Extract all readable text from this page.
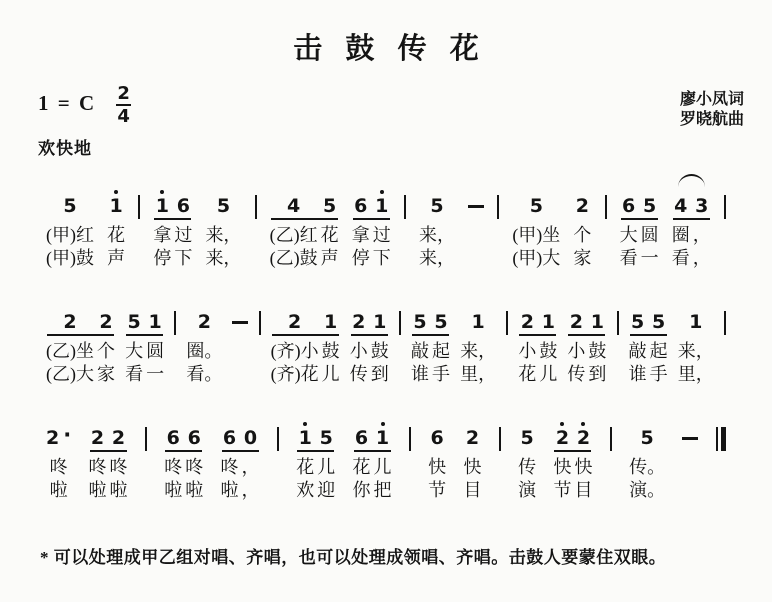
击鼓传花
1 = C $\frac{2}{4}$
欢快地
廖小凤词
罗晓航曲
5
(甲)红
(甲)鼓
1
花
声
1
拿
停
6
过
下
5
来，
来，
4
(乙)红
(乙)鼓
5
花
声
6
拿
停
1
过
下
5
来，
来，
5
(甲)坐
(甲)大
2
个
家
6
大
看
5
圆
一
4
圈
看
3
，
，
2
(乙)坐
(乙)大
2
个
家
5
大
看
1
圆
一
2
圈。
看。
2
(齐)小
(齐)花
1
鼓
儿
2
小
传
1
鼓
到
5
敲
谁
5
起
手
1
来，
里，
2
小
花
1
鼓
儿
2
小
传
1
鼓
到
5
敲
谁
5
起
手
1
来，
里，
2 ·
咚
啦
2
咚
啦
2
咚
啦
6
咚
啦
6
咚
啦
6
咚
啦
0
，
，
1
花
欢
5
儿
迎
6
花
你
1
儿
把
6
快
节
2
快
目
5
传
演
2
快
节
2
快
目
5
传。
演。
* 可以处理成甲乙组对唱、齐唱，也可以处理成领唱、齐唱。击鼓人要蒙住双眼。
